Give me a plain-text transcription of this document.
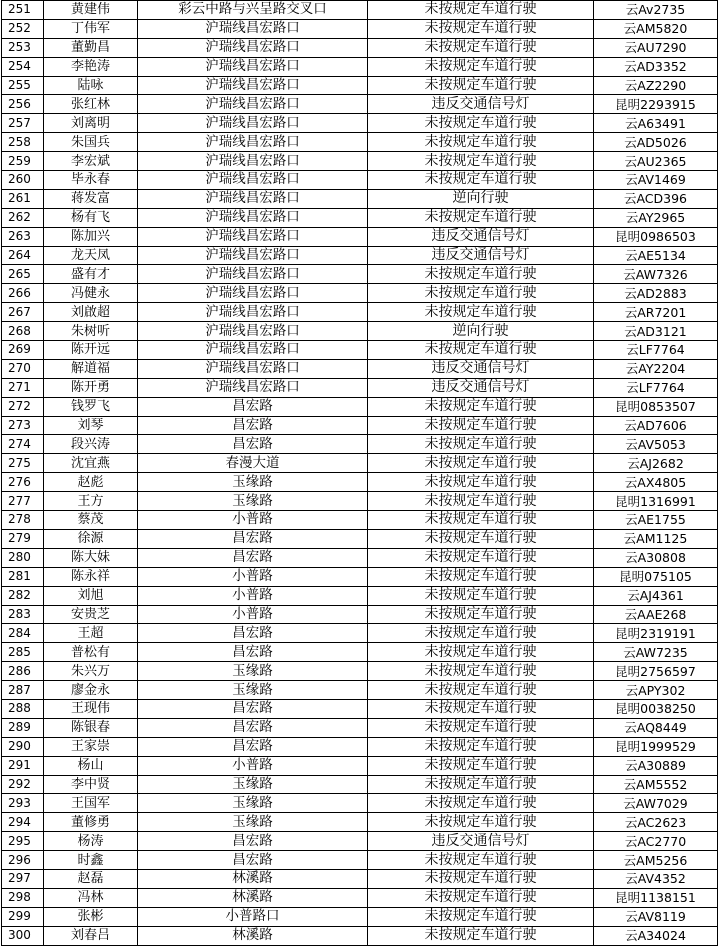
251	黄建伟	彩云中路与兴呈路交叉口	未按规定车道行驶	云Av2735
252	丁伟军	沪瑞线昌宏路口	未按规定车道行驶	云AM5820
253	董勤昌	沪瑞线昌宏路口	未按规定车道行驶	云AU7290
254	李艳涛	沪瑞线昌宏路口	未按规定车道行驶	云AD3352
255	陆咏	沪瑞线昌宏路口	未按规定车道行驶	云AZ2290
256	张红林	沪瑞线昌宏路口	违反交通信号灯	昆明2293915
257	刘离明	沪瑞线昌宏路口	未按规定车道行驶	云A63491
258	朱国兵	沪瑞线昌宏路口	未按规定车道行驶	云AD5026
259	李宏斌	沪瑞线昌宏路口	未按规定车道行驶	云AU2365
260	毕永春	沪瑞线昌宏路口	未按规定车道行驶	云AV1469
261	蒋发富	沪瑞线昌宏路口	逆向行驶	云ACD396
262	杨有飞	沪瑞线昌宏路口	未按规定车道行驶	云AY2965
263	陈加兴	沪瑞线昌宏路口	违反交通信号灯	昆明0986503
264	龙天凤	沪瑞线昌宏路口	违反交通信号灯	云AE5134
265	盛有才	沪瑞线昌宏路口	未按规定车道行驶	云AW7326
266	冯健永	沪瑞线昌宏路口	未按规定车道行驶	云AD2883
267	刘啟超	沪瑞线昌宏路口	未按规定车道行驶	云AR7201
268	朱树听	沪瑞线昌宏路口	逆向行驶	云AD3121
269	陈开远	沪瑞线昌宏路口	未按规定车道行驶	云LF7764
270	解道福	沪瑞线昌宏路口	违反交通信号灯	云AY2204
271	陈开勇	沪瑞线昌宏路口	违反交通信号灯	云LF7764
272	钱罗飞	昌宏路	未按规定车道行驶	昆明0853507
273	刘琴	昌宏路	未按规定车道行驶	云AD7606
274	段兴涛	昌宏路	未按规定车道行驶	云AV5053
275	沈宜燕	春漫大道	未按规定车道行驶	云AJ2682
276	赵彪	玉缘路	未按规定车道行驶	云AX4805
277	王方	玉缘路	未按规定车道行驶	昆明1316991
278	蔡茂	小普路	未按规定车道行驶	云AE1755
279	徐源	昌宏路	未按规定车道行驶	云AM1125
280	陈大妹	昌宏路	未按规定车道行驶	云A30808
281	陈永祥	小普路	未按规定车道行驶	昆明075105
282	刘旭	小普路	未按规定车道行驶	云AJ4361
283	安贵芝	小普路	未按规定车道行驶	云AAE268
284	王超	昌宏路	未按规定车道行驶	昆明2319191
285	普松有	昌宏路	未按规定车道行驶	云AW7235
286	朱兴万	玉缘路	未按规定车道行驶	昆明2756597
287	廖金永	玉缘路	未按规定车道行驶	云APY302
288	王现伟	昌宏路	未按规定车道行驶	昆明0038250
289	陈银春	昌宏路	未按规定车道行驶	云AQ8449
290	王家崇	昌宏路	未按规定车道行驶	昆明1999529
291	杨山	小普路	未按规定车道行驶	云A30889
292	李中贤	玉缘路	未按规定车道行驶	云AM5552
293	王国军	玉缘路	未按规定车道行驶	云AW7029
294	董修勇	玉缘路	未按规定车道行驶	云AC2623
295	杨涛	昌宏路	违反交通信号灯	云AC2770
296	时鑫	昌宏路	未按规定车道行驶	云AM5256
297	赵磊	林溪路	未按规定车道行驶	云AV4352
298	冯林	林溪路	未按规定车道行驶	昆明1138151
299	张彬	小普路口	未按规定车道行驶	云AV8119
300	刘春吕	林溪路	未按规定车道行驶	云A34024
